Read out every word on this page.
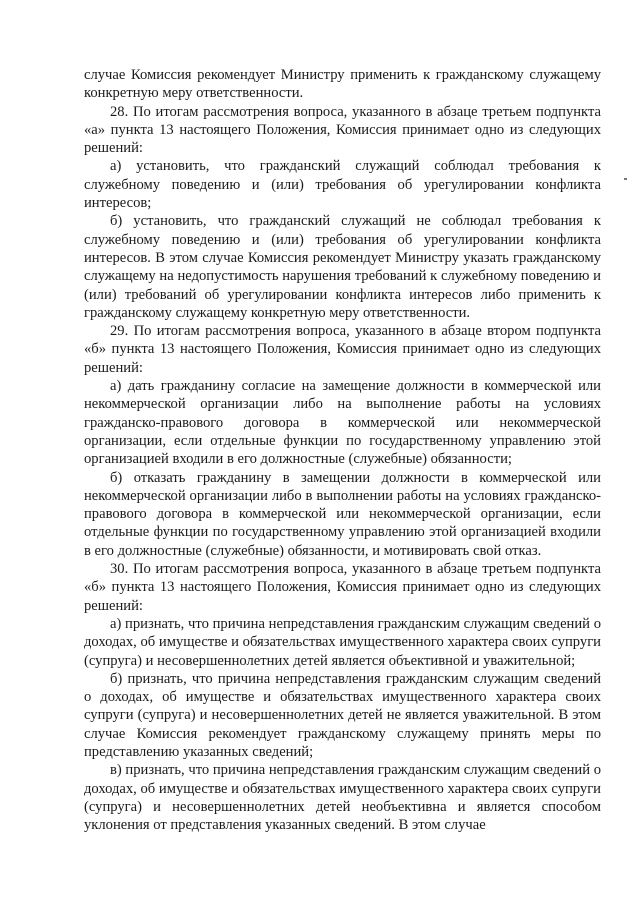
случае Комиссия рекомендует Министру применить к гражданскому служащему конкретную меру ответственности.

28. По итогам рассмотрения вопроса, указанного в абзаце третьем подпункта «а» пункта 13 настоящего Положения, Комиссия принимает одно из следующих решений:

а) установить, что гражданский служащий соблюдал требования к служебному поведению и (или) требования об урегулировании конфликта интересов;

б) установить, что гражданский служащий не соблюдал требования к служебному поведению и (или) требования об урегулировании конфликта интересов. В этом случае Комиссия рекомендует Министру указать гражданскому служащему на недопустимость нарушения требований к служебному поведению и (или) требований об урегулировании конфликта интересов либо применить к гражданскому служащему конкретную меру ответственности.

29. По итогам рассмотрения вопроса, указанного в абзаце втором подпункта «б» пункта 13 настоящего Положения, Комиссия принимает одно из следующих решений:

а) дать гражданину согласие на замещение должности в коммерческой или некоммерческой организации либо на выполнение работы на условиях гражданско-правового договора в коммерческой или некоммерческой организации, если отдельные функции по государственному управлению этой организацией входили в его должностные (служебные) обязанности;

б) отказать гражданину в замещении должности в коммерческой или некоммерческой организации либо в выполнении работы на условиях гражданско-правового договора в коммерческой или некоммерческой организации, если отдельные функции по государственному управлению этой организацией входили в его должностные (служебные) обязанности, и мотивировать свой отказ.

30. По итогам рассмотрения вопроса, указанного в абзаце третьем подпункта «б» пункта 13 настоящего Положения, Комиссия принимает одно из следующих решений:

а) признать, что причина непредставления гражданским служащим сведений о доходах, об имуществе и обязательствах имущественного характера своих супруги (супруга) и несовершеннолетних детей является объективной и уважительной;

б) признать, что причина непредставления гражданским служащим сведений о доходах, об имуществе и обязательствах имущественного характера своих супруги (супруга) и несовершеннолетних детей не является уважительной. В этом случае Комиссия рекомендует гражданскому служащему принять меры по представлению указанных сведений;

в) признать, что причина непредставления гражданским служащим сведений о доходах, об имуществе и обязательствах имущественного характера своих супруги (супруга) и несовершеннолетних детей необъективна и является способом уклонения от представления указанных сведений. В этом случае
